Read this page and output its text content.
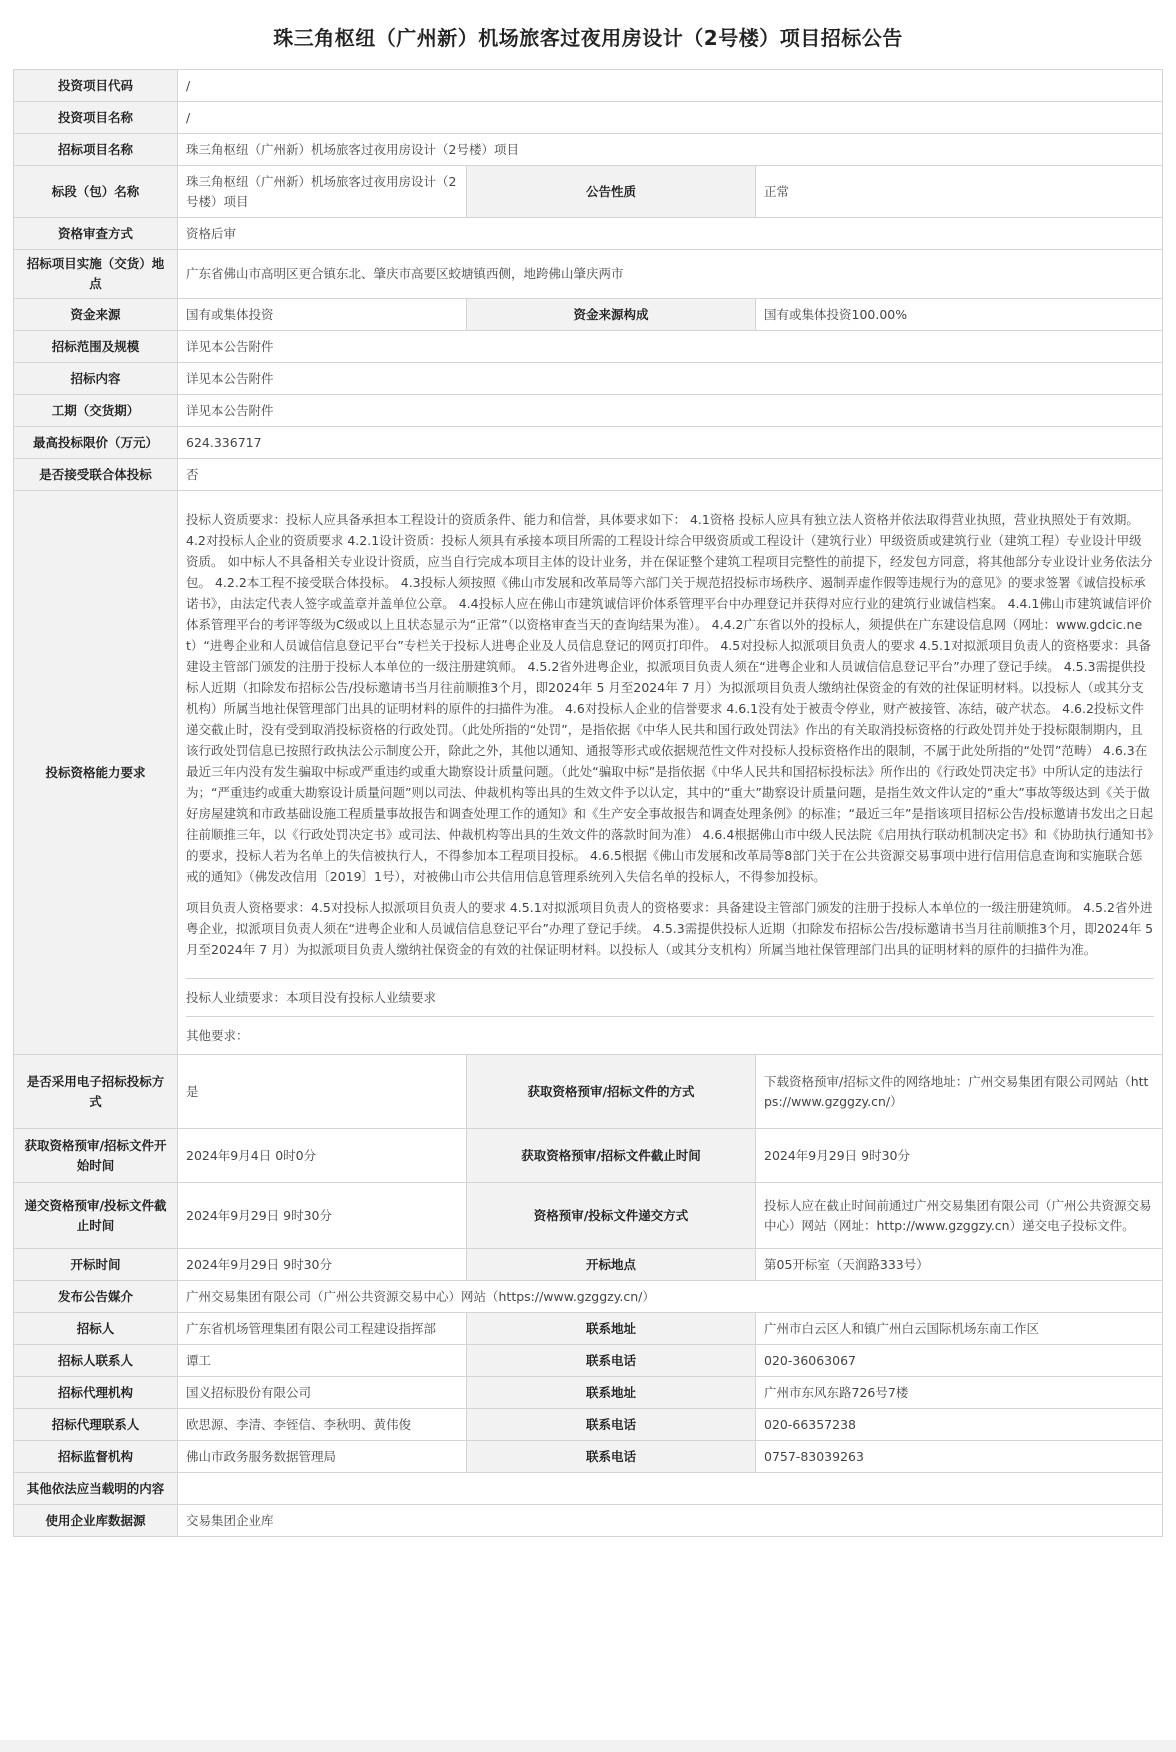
珠三角枢纽（广州新）机场旅客过夜用房设计（2号楼）项目招标公告
投资项目代码	/		
投资项目名称	/		
招标项目名称	珠三角枢纽（广州新）机场旅客过夜用房设计（2号楼）项目		
标段（包）名称	珠三角枢纽（广州新）机场旅客过夜用房设计（2号楼）项目	公告性质	正常
资格审查方式	资格后审		
招标项目实施（交货）地点	广东省佛山市高明区更合镇东北、肇庆市高要区蛟塘镇西侧，地跨佛山肇庆两市		
资金来源	国有或集体投资	资金来源构成	国有或集体投资100.00%
招标范围及规模	详见本公告附件		
招标内容	详见本公告附件		
工期（交货期）	详见本公告附件		
最高投标限价（万元）	624.336717		
是否接受联合体投标	否		
投标资格能力要求	投标人资质要求：投标人应具备承担本工程设计的资质条件、能力和信誉，具体要求如下： 4.1资格 投标人应具有独立法人资格并依法取得营业执照，营业执照处于有效期。 4.2对投标人企业的资质要求 4.2.1设计资质：投标人须具有承接本项目所需的工程设计综合甲级资质或工程设计（建筑行业）甲级资质或建筑行业（建筑工程）专业设计甲级资质。 如中标人不具备相关专业设计资质，应当自行完成本项目主体的设计业务，并在保证整个建筑工程项目完整性的前提下，经发包方同意，将其他部分专业设计业务依法分包。 4.2.2本工程不接受联合体投标。 4.3投标人须按照《佛山市发展和改革局等六部门关于规范招投标市场秩序、遏制弄虚作假等违规行为的意见》的要求签署《诚信投标承诺书》，由法定代表人签字或盖章并盖单位公章。 4.4投标人应在佛山市建筑诚信评价体系管理平台中办理登记并获得对应行业的建筑行业诚信档案。 4.4.1佛山市建筑诚信评价体系管理平台的考评等级为C级或以上且状态显示为“正常”（以资格审查当天的查询结果为准）。 4.4.2广东省以外的投标人，须提供在广东建设信息网（网址：www.gdcic.net）“进粤企业和人员诚信信息登记平台”专栏关于投标人进粤企业及人员信息登记的网页打印件。 4.5对投标人拟派项目负责人的要求 4.5.1对拟派项目负责人的资格要求：具备建设主管部门颁发的注册于投标人本单位的一级注册建筑师。 4.5.2省外进粤企业，拟派项目负责人须在“进粤企业和人员诚信信息登记平台”办理了登记手续。 4.5.3需提供投标人近期（扣除发布招标公告/投标邀请书当月往前顺推3个月，即2024年 5 月至2024年 7 月）为拟派项目负责人缴纳社保资金的有效的社保证明材料。以投标人（或其分支机构）所属当地社保管理部门出具的证明材料的原件的扫描件为准。 4.6对投标人企业的信誉要求 4.6.1没有处于被责令停业，财产被接管、冻结，破产状态。 4.6.2投标文件递交截止时，没有受到取消投标资格的行政处罚。（此处所指的“处罚”，是指依据《中华人民共和国行政处罚法》作出的有关取消投标资格的行政处罚并处于投标限制期内，且该行政处罚信息已按照行政执法公示制度公开，除此之外，其他以通知、通报等形式或依据规范性文件对投标人投标资格作出的限制，不属于此处所指的“处罚”范畴） 4.6.3在最近三年内没有发生骗取中标或严重违约或重大勘察设计质量问题。（此处“骗取中标”是指依据《中华人民共和国招标投标法》所作出的《行政处罚决定书》中所认定的违法行为；“严重违约或重大勘察设计质量问题”则以司法、仲裁机构等出具的生效文件予以认定，其中的“重大”勘察设计质量问题，是指生效文件认定的“重大”事故等级达到《关于做好房屋建筑和市政基础设施工程质量事故报告和调查处理工作的通知》和《生产安全事故报告和调查处理条例》的标准；“最近三年”是指该项目招标公告/投标邀请书发出之日起往前顺推三年，以《行政处罚决定书》或司法、仲裁机构等出具的生效文件的落款时间为准） 4.6.4根据佛山市中级人民法院《启用执行联动机制决定书》和《协助执行通知书》的要求，投标人若为名单上的失信被执行人，不得参加本工程项目投标。 4.6.5根据《佛山市发展和改革局等8部门关于在公共资源交易事项中进行信用信息查询和实施联合惩戒的通知》（佛发改信用〔2019〕1号），对被佛山市公共信用信息管理系统列入失信名单的投标人，不得参加投标。
项目负责人资格要求：4.5对投标人拟派项目负责人的要求 4.5.1对拟派项目负责人的资格要求：具备建设主管部门颁发的注册于投标人本单位的一级注册建筑师。 4.5.2省外进粤企业，拟派项目负责人须在“进粤企业和人员诚信信息登记平台”办理了登记手续。 4.5.3需提供投标人近期（扣除发布招标公告/投标邀请书当月往前顺推3个月，即2024年 5 月至2024年 7 月）为拟派项目负责人缴纳社保资金的有效的社保证明材料。以投标人（或其分支机构）所属当地社保管理部门出具的证明材料的原件的扫描件为准。
投标人业绩要求：本项目没有投标人业绩要求
其他要求：		

是否采用电子招标投标方式	是	获取资格预审/招标文件的方式	下载资格预审/招标文件的网络地址：广州交易集团有限公司网站（https://www.gzggzy.cn/）
获取资格预审/招标文件开始时间	2024年9月4日 0时0分	获取资格预审/招标文件截止时间	2024年9月29日 9时30分
递交资格预审/投标文件截止时间	2024年9月29日 9时30分	资格预审/投标文件递交方式	投标人应在截止时间前通过广州交易集团有限公司（广州公共资源交易中心）网站（网址：http://www.gzggzy.cn）递交电子投标文件。
开标时间	2024年9月29日 9时30分	开标地点	第05开标室（天润路333号）
发布公告媒介	广州交易集团有限公司（广州公共资源交易中心）网站（https://www.gzggzy.cn/）		
招标人	广东省机场管理集团有限公司工程建设指挥部	联系地址	广州市白云区人和镇广州白云国际机场东南工作区
招标人联系人	谭工	联系电话	020-36063067
招标代理机构	国义招标股份有限公司	联系地址	广州市东风东路726号7楼
招标代理联系人	欧思源、李清、李铚信、李秋明、黄伟俊	联系电话	020-66357238
招标监督机构	佛山市政务服务数据管理局	联系电话	0757-83039263
其他依法应当载明的内容			
使用企业库数据源	交易集团企业库		
